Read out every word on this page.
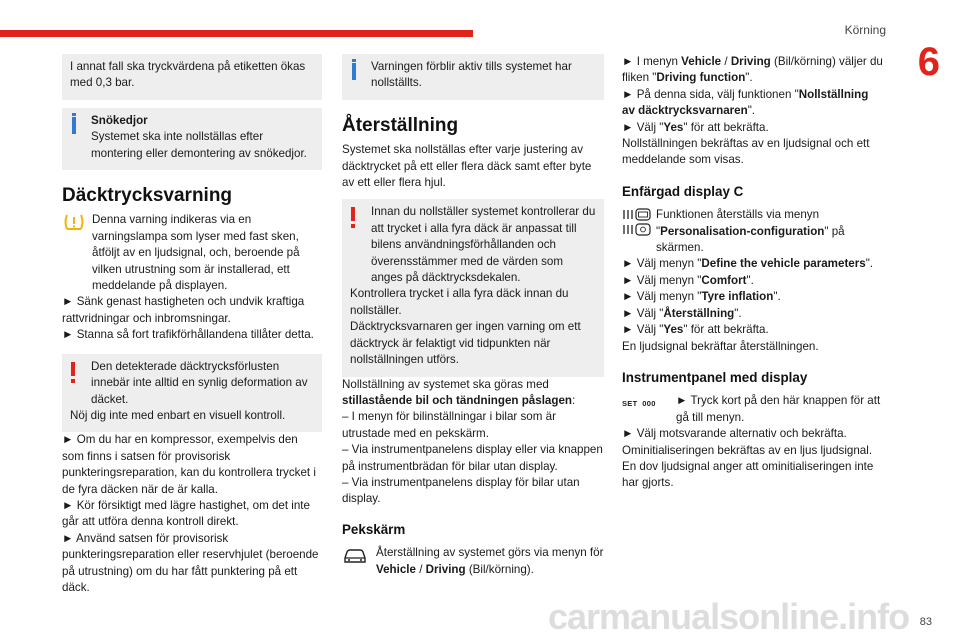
Körning
6

I annat fall ska tryckvärdena på etiketten ökas med 0,3 bar.

Snökedjor

Systemet ska inte nollställas efter montering eller demontering av snökedjor.

Däcktrycksvarning

Denna varning indikeras via en varningslampa som lyser med fast sken, åtföljt av en ljudsignal, och, beroende på vilken utrustning som är installerad, ett meddelande på displayen.

► Sänk genast hastigheten och undvik kraftiga rattvridningar och inbromsningar.

► Stanna så fort trafikförhållandena tillåter detta.

Den detekterade däcktrycksförlusten innebär inte alltid en synlig deformation av däcket.

Nöj dig inte med enbart en visuell kontroll.

► Om du har en kompressor, exempelvis den som finns i satsen för provisorisk punkteringsreparation, kan du kontrollera trycket i de fyra däcken när de är kalla.

► Kör försiktigt med lägre hastighet, om det inte går att utföra denna kontroll direkt.

► Använd satsen för provisorisk punkteringsreparation eller reservhjulet (beroende på utrustning) om du har fått punktering på ett däck.

Varningen förblir aktiv tills systemet har nollställts.

Återställning

Systemet ska nollställas efter varje justering av däcktrycket på ett eller flera däck samt efter byte av ett eller flera hjul.

Innan du nollställer systemet kontrollerar du att trycket i alla fyra däck är anpassat till bilens användningsförhållanden och överensstämmer med de värden som anges på däcktrycksdekalen.

Kontrollera trycket i alla fyra däck innan du nollställer.

Däcktrycksvarnaren ger ingen varning om ett däcktryck är felaktigt vid tidpunkten när nollställningen utförs.

Nollställning av systemet ska göras med stillastående bil och tändningen påslagen:

– I menyn för bilinställningar i bilar som är utrustade med en pekskärm.

– Via instrumentpanelens display eller via knappen på instrumentbrädan för bilar utan display.

– Via instrumentpanelens display för bilar utan display.

Pekskärm

Återställning av systemet görs via menyn för Vehicle / Driving (Bil/körning).

► I menyn Vehicle / Driving (Bil/körning) väljer du fliken "Driving function".

► På denna sida, välj funktionen "Nollställning av däcktrycksvarnaren".

► Välj "Yes" för att bekräfta.

Nollställningen bekräftas av en ljudsignal och ett meddelande som visas.

Enfärgad display C

Funktionen återställs via menyn "Personalisation-configuration" på skärmen.

► Välj menyn "Define the vehicle parameters".

► Välj menyn "Comfort".

► Välj menyn "Tyre inflation".

► Välj "Återställning".

► Välj "Yes" för att bekräfta.

En ljudsignal bekräftar återställningen.

Instrumentpanel med display
SET 000 ► Tryck kort på den här knappen för att gå till menyn.

► Välj motsvarande alternativ och bekräfta.

Ominitialiseringen bekräftas av en ljus ljudsignal. En dov ljudsignal anger att ominitialiseringen inte har gjorts.

carmanualsonline.info 83
